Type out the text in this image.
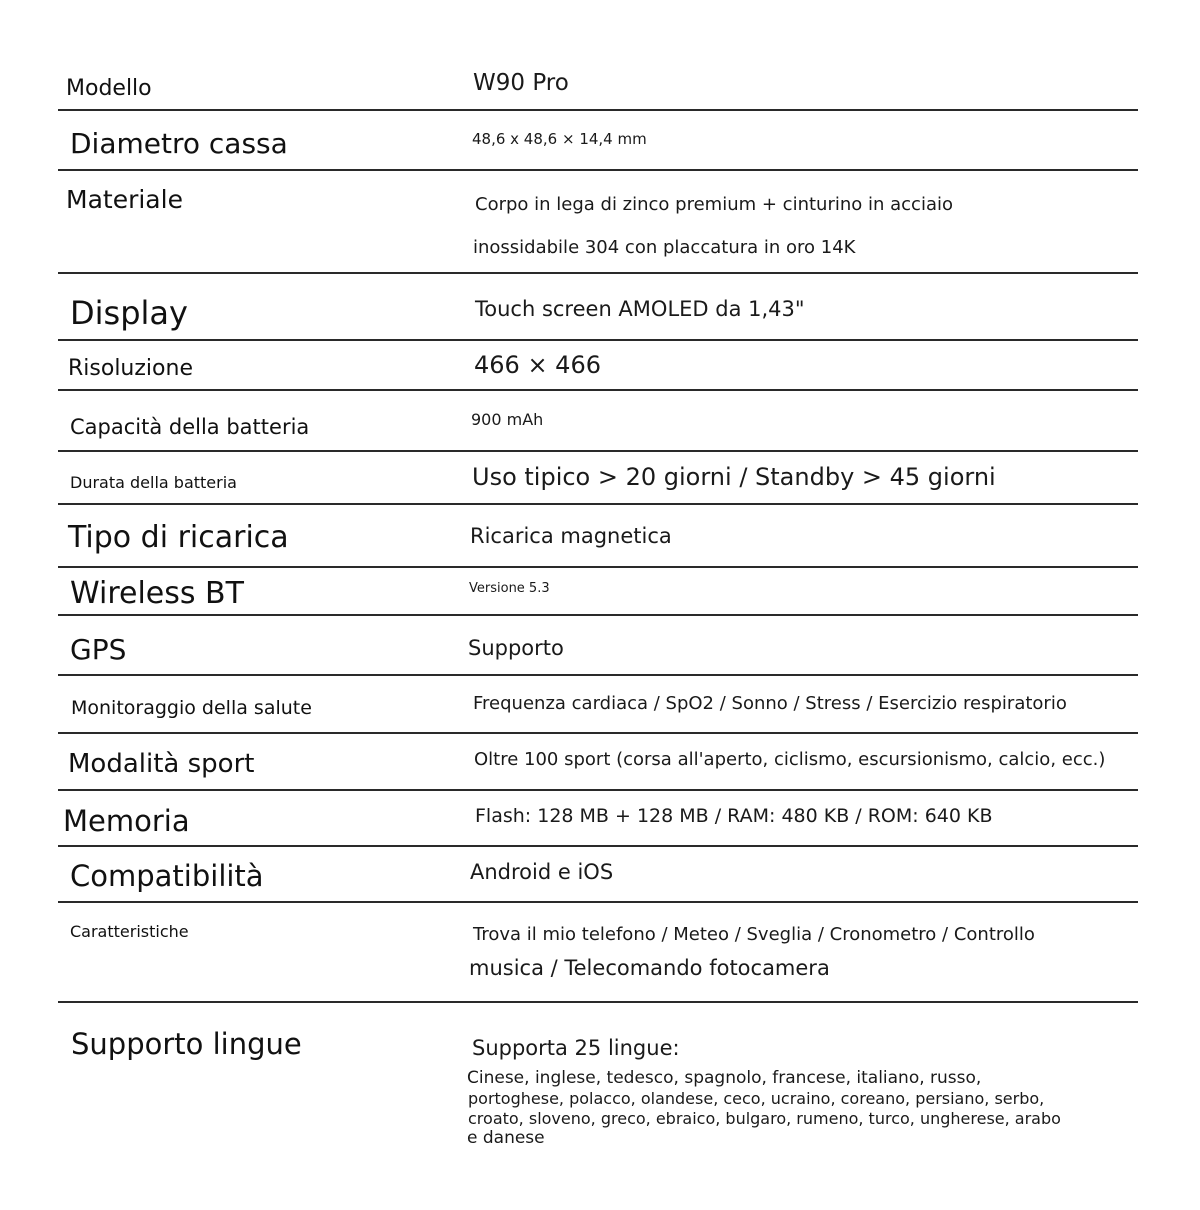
Modello	W90 Pro
Diametro cassa	48,6 x 48,6 × 14,4 mm
Materiale	Corpo in lega di zinco premium + cinturino in acciaio
inossidabile 304 con placcatura in oro 14K
Display	Touch screen AMOLED da 1,43"
Risoluzione	466 × 466
Capacità della batteria	900 mAh
Durata della batteria	Uso tipico > 20 giorni / Standby > 45 giorni
Tipo di ricarica	Ricarica magnetica
Wireless BT	Versione 5.3
GPS	Supporto
Monitoraggio della salute	Frequenza cardiaca / SpO2 / Sonno / Stress / Esercizio respiratorio
Modalità sport	Oltre 100 sport (corsa all'aperto, ciclismo, escursionismo, calcio, ecc.)
Memoria	Flash: 128 MB + 128 MB / RAM: 480 KB / ROM: 640 KB
Compatibilità	Android e iOS
Caratteristiche	Trova il mio telefono / Meteo / Sveglia / Cronometro / Controllo
musica / Telecomando fotocamera
Supporto lingue	Supporta 25 lingue:
Cinese, inglese, tedesco, spagnolo, francese, italiano, russo,
portoghese, polacco, olandese, ceco, ucraino, coreano, persiano, serbo,
croato, sloveno, greco, ebraico, bulgaro, rumeno, turco, ungherese, arabo
e danese
